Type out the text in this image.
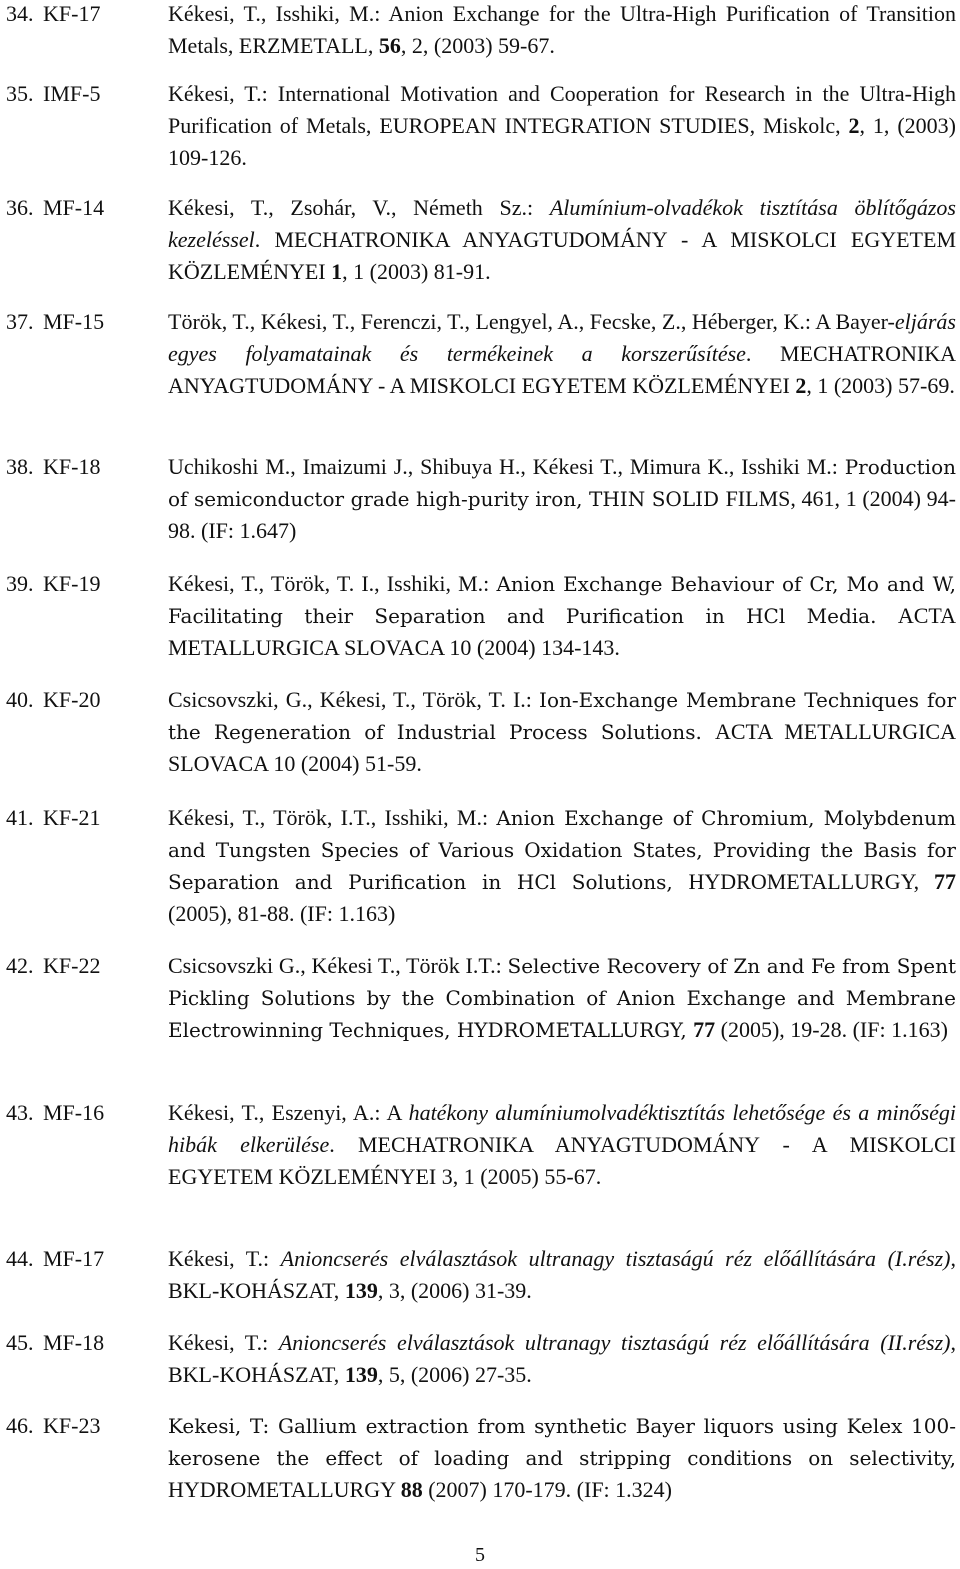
34. KF-17	Kékesi, T., Isshiki, M.: Anion Exchange for the Ultra-High Purification of Transition Metals, ERZMETALL, 56, 2, (2003) 59-67.
35. IMF-5	Kékesi, T.: International Motivation and Cooperation for Research in the Ultra-High Purification of Metals, EUROPEAN INTEGRATION STUDIES, Miskolc, 2, 1, (2003) 109-126.
36. MF-14	Kékesi, T., Zsohár, V., Németh Sz.: Alumínium-olvadékok tisztítása öblítőgázos kezeléssel. MECHATRONIKA ANYAGTUDOMÁNY - A MISKOLCI EGYETEM KÖZLEMÉNYEI 1, 1 (2003) 81-91.
37. MF-15	Török, T., Kékesi, T., Ferenczi, T., Lengyel, A., Fecske, Z., Héberger, K.: A Bayer-eljárás egyes folyamatainak és termékeinek a korszerűsítése. MECHATRONIKA ANYAGTUDOMÁNY - A MISKOLCI EGYETEM KÖZLEMÉNYEI 2, 1 (2003) 57-69.
38. KF-18	Uchikoshi M., Imaizumi J., Shibuya H., Kékesi T., Mimura K., Isshiki M.: Production of semiconductor grade high-purity iron, THIN SOLID FILMS, 461, 1 (2004) 94-98. (IF: 1.647)
39. KF-19	Kékesi, T., Török, T. I., Isshiki, M.: Anion Exchange Behaviour of Cr, Mo and W, Facilitating their Separation and Purification in HCl Media. ACTA METALLURGICA SLOVACA 10 (2004) 134-143.
40. KF-20	Csicsovszki, G., Kékesi, T., Török, T. I.: Ion-Exchange Membrane Techniques for the Regeneration of Industrial Process Solutions. ACTA METALLURGICA SLOVACA 10 (2004) 51-59.
41. KF-21	Kékesi, T., Török, I.T., Isshiki, M.: Anion Exchange of Chromium, Molybdenum and Tungsten Species of Various Oxidation States, Providing the Basis for Separation and Purification in HCl Solutions, HYDROMETALLURGY, 77 (2005), 81-88. (IF: 1.163)
42. KF-22	Csicsovszki G., Kékesi T., Török I.T.: Selective Recovery of Zn and Fe from Spent Pickling Solutions by the Combination of Anion Exchange and Membrane Electrowinning Techniques, HYDROMETALLURGY, 77 (2005), 19-28. (IF: 1.163)
43. MF-16	Kékesi, T., Eszenyi, A.: A hatékony alumíniumolvadéktisztítás lehetősége és a minőségi hibák elkerülése. MECHATRONIKA ANYAGTUDOMÁNY - A MISKOLCI EGYETEM KÖZLEMÉNYEI 3, 1 (2005) 55-67.
44. MF-17	Kékesi, T.: Anioncserés elválasztások ultranagy tisztaságú réz előállítására (I.rész), BKL-KOHÁSZAT, 139, 3, (2006) 31-39.
45. MF-18	Kékesi, T.: Anioncserés elválasztások ultranagy tisztaságú réz előállítására (II.rész), BKL-KOHÁSZAT, 139, 5, (2006) 27-35.
46. KF-23	Kekesi, T: Gallium extraction from synthetic Bayer liquors using Kelex 100-kerosene the effect of loading and stripping conditions on selectivity, HYDROMETALLURGY 88 (2007) 170-179. (IF: 1.324)
5
